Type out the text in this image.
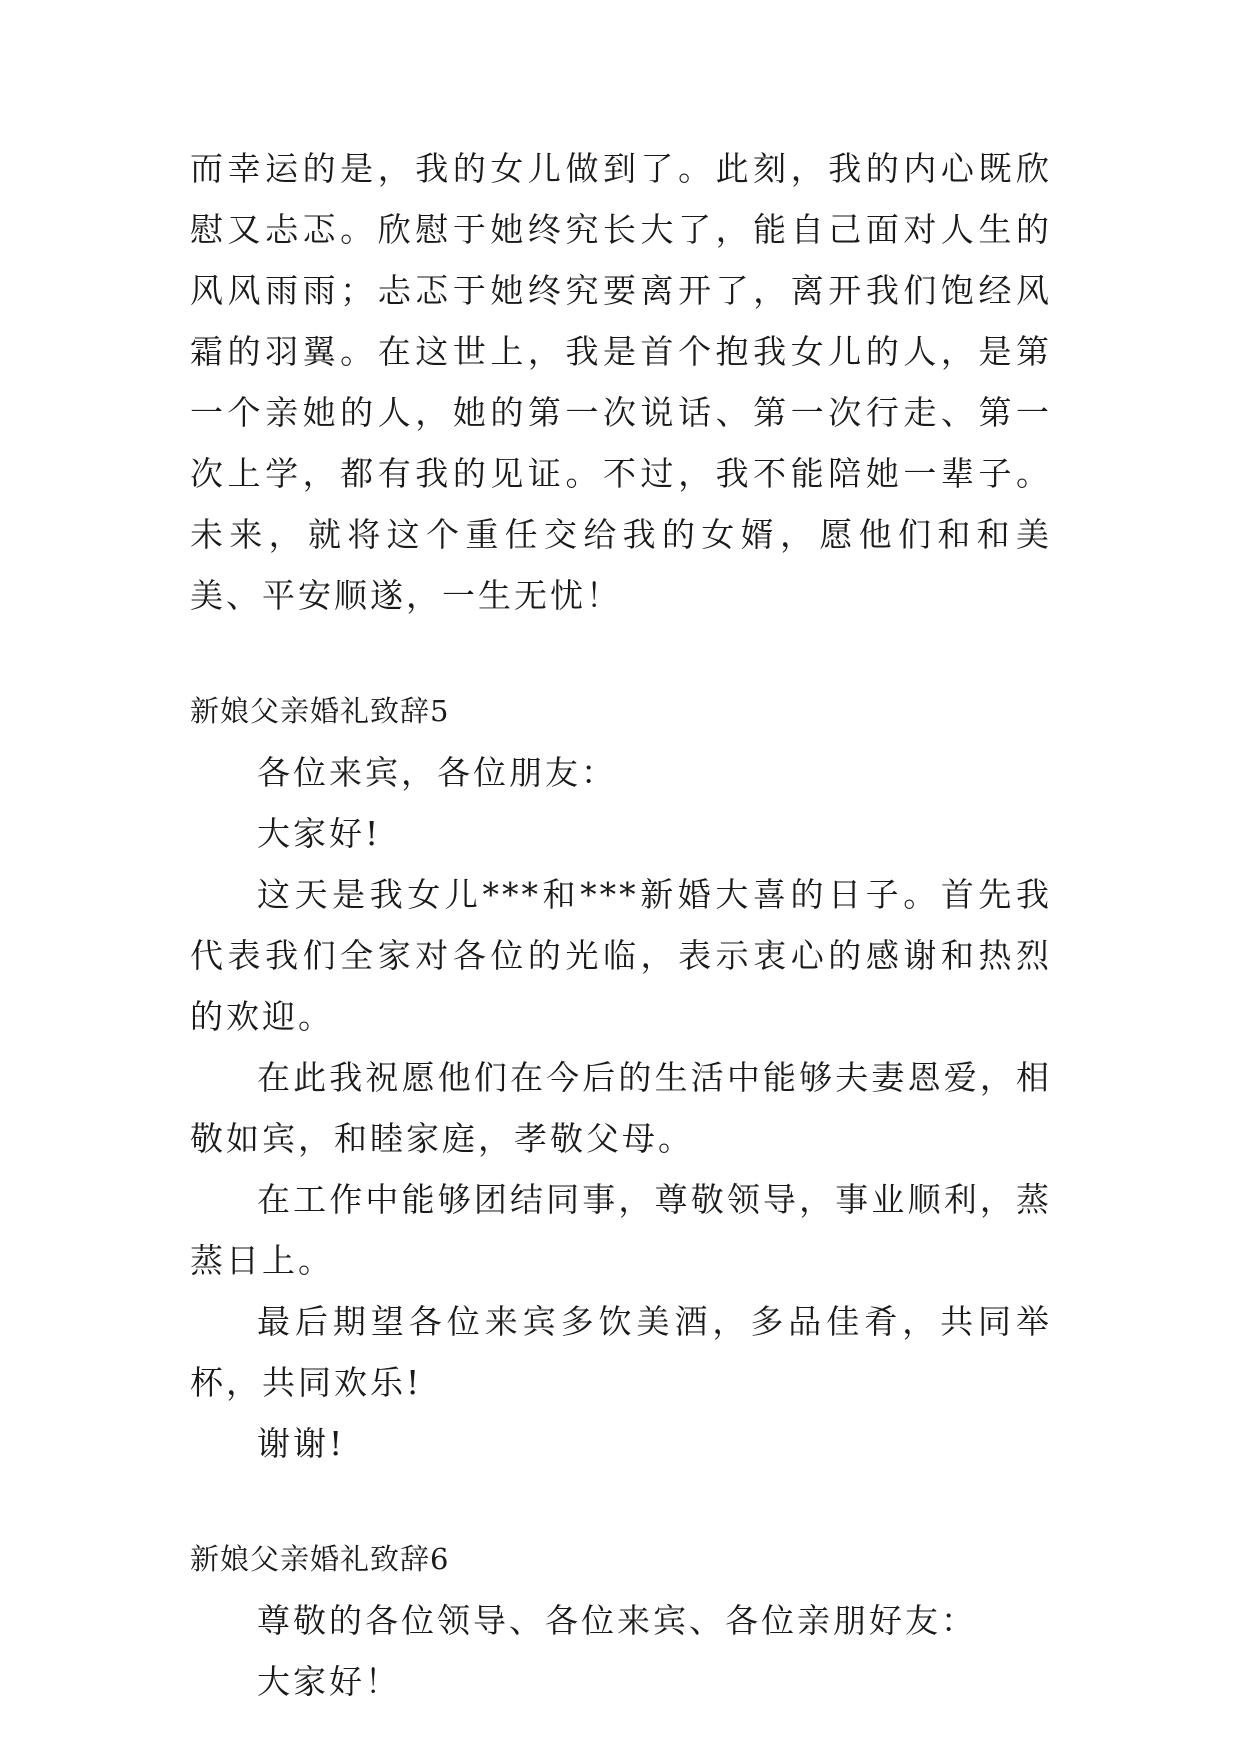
而幸运的是，我的女儿做到了。此刻，我的内心既欣慰又忐忑。欣慰于她终究长大了，能自己面对人生的风风雨雨；忐忑于她终究要离开了，离开我们饱经风霜的羽翼。在这世上，我是首个抱我女儿的人，是第一个亲她的人，她的第一次说话、第一次行走、第一次上学，都有我的见证。不过，我不能陪她一辈子。未来，就将这个重任交给我的女婿，愿他们和和美美、平安顺遂，一生无忧！

新娘父亲婚礼致辞5

各位来宾，各位朋友：

大家好!

这天是我女儿***和***新婚大喜的日子。首先我代表我们全家对各位的光临，表示衷心的感谢和热烈的欢迎。

在此我祝愿他们在今后的生活中能够夫妻恩爱，相敬如宾，和睦家庭，孝敬父母。

在工作中能够团结同事，尊敬领导，事业顺利，蒸蒸日上。

最后期望各位来宾多饮美酒，多品佳肴，共同举杯，共同欢乐!

谢谢!

新娘父亲婚礼致辞6

尊敬的各位领导、各位来宾、各位亲朋好友：

大家好！
